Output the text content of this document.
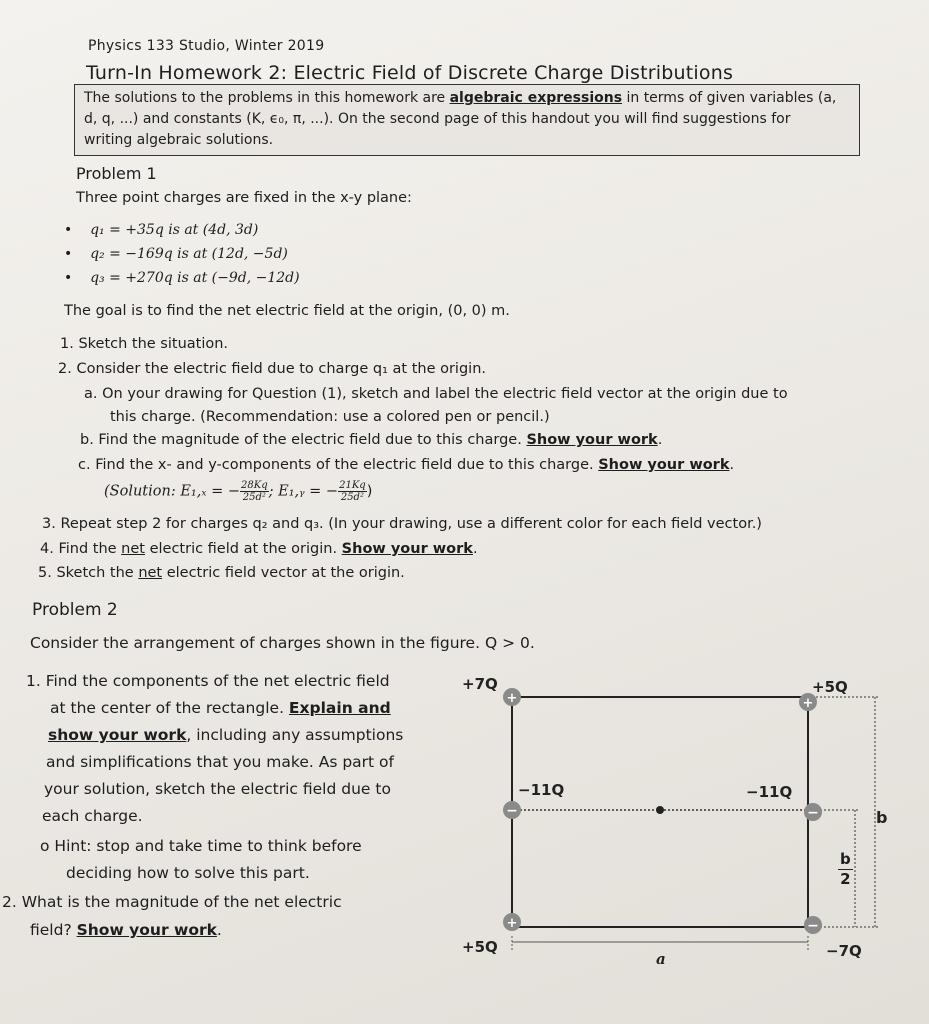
Physics 133 Studio, Winter 2019
Turn-In Homework 2: Electric Field of Discrete Charge Distributions
The solutions to the problems in this homework are algebraic expressions in terms of given variables (a,
d, q, ...) and constants (K, ϵ₀, π, ...). On the second page of this handout you will find suggestions for
writing algebraic solutions.
Problem 1
Three point charges are fixed in the x-y plane:
•    q₁ = +35q is at (4d, 3d)
•    q₂ = −169q is at (12d, −5d)
•    q₃ = +270q is at (−9d, −12d)
The goal is to find the net electric field at the origin, (0, 0) m.
1. Sketch the situation.
2. Consider the electric field due to charge q₁ at the origin.
a. On your drawing for Question (1), sketch and label the electric field vector at the origin due to
this charge. (Recommendation: use a colored pen or pencil.)
b. Find the magnitude of the electric field due to this charge. Show your work.
c. Find the x- and y-components of the electric field due to this charge. Show your work.
(Solution: E₁,ₓ = − $\frac{28Kq}{\text{25d²}}$ ; E₁,ᵧ = − $\frac{21Kq}{\text{25d²}}$ )
3. Repeat step 2 for charges q₂ and q₃. (In your drawing, use a different color for each field vector.)
4. Find the net electric field at the origin. Show your work.
5. Sketch the net electric field vector at the origin.
Problem 2
Consider the arrangement of charges shown in the figure. Q > 0.
1. Find the components of the net electric field
at the center of the rectangle. Explain and
show your work, including any assumptions
and simplifications that you make. As part of
your solution, sketch the electric field due to
each charge.
o Hint: stop and take time to think before
deciding how to solve this part.
2. What is the magnitude of the net electric
field? Show your work.
+	+
−	−
+	−
+7Q	+5Q
−11Q	−11Q
+5Q	−7Q
a
b
b
2
